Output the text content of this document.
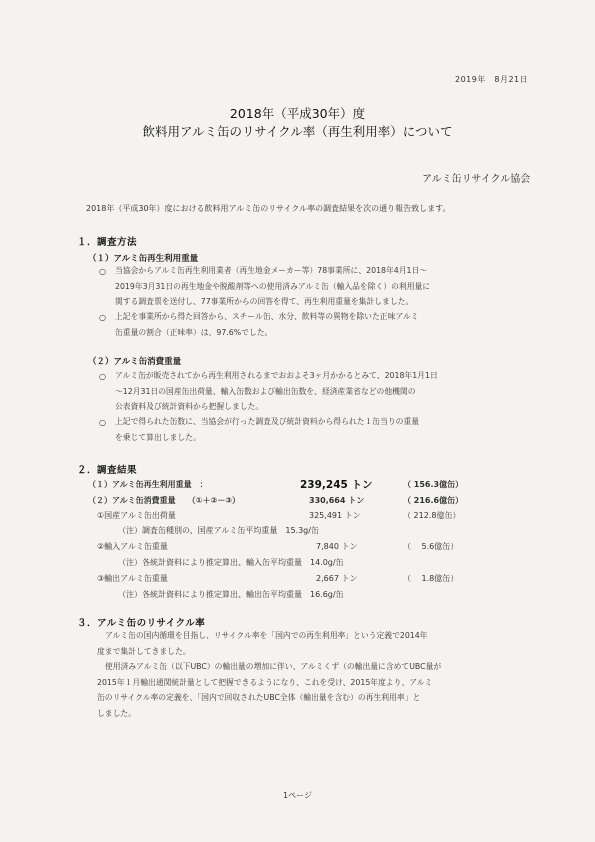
2019年　8月21日
2018年（平成30年）度
飲料用アルミ缶のリサイクル率（再生利用率）について
アルミ缶リサイクル協会
2018年（平成30年）度における飲料用アルミ缶のリサイクル率の調査結果を次の通り報告致します。
１．調査方法
（１）アルミ缶再生利用重量
○ 当協会からアルミ缶再生利用業者（再生地金メーカー等）78事業所に、2018年4月1日～
2019年3月31日の再生地金や脱酸剤等への使用済みアルミ缶（輸入品を除く）の利用量に
関する調査票を送付し、77事業所からの回答を得て、再生利用重量を集計しました。
○ 上記を事業所から得た回答から、スチール缶、水分、飲料等の異物を除いた正味アルミ
缶重量の割合（正味率）は、97.6%でした。
（２）アルミ缶消費重量
○ アルミ缶が販売されてから再生利用されるまでおおよそ3ヶ月かかるとみて、2018年1月1日
～12月31日の国産缶出荷量、輸入缶数および輸出缶数を、経済産業省などの他機関の
公表資料及び統計資料から把握しました。
○ 上記で得られた缶数に、当協会が行った調査及び統計資料から得られた１缶当りの重量
を乗じて算出しました。
２．調査結果
（１）アルミ缶再生利用重量　：	239,245 トン	（ 156.3億缶）
（２）アルミ缶消費重量　　（①＋②－③）	330,664 トン	（ 216.6億缶）
①国産アルミ缶出荷量	325,491 トン	（ 212.8億缶）
（注）調査缶種別の、国産アルミ缶平均重量　15.3g/缶
②輸入アルミ缶重量	7,840 トン	（　 5.6億缶）
（注）各統計資料により推定算出、輸入缶平均重量　14.0g/缶
③輸出アルミ缶重量	2,667 トン	（　 1.8億缶）
（注）各統計資料により推定算出、輸出缶平均重量　16.6g/缶
３．アルミ缶のリサイクル率
アルミ缶の国内循環を目指し、リサイクル率を「国内での再生利用率」という定義で2014年
度まで集計してきました。
使用済みアルミ缶（以下UBC）の輸出量の増加に伴い、アルミくず（の輸出量に含めてUBC量が
2015年１月輸出通関統計量として把握できるようになり、これを受け、2015年度より、アルミ
缶のリサイクル率の定義を、「国内で回収されたUBC全体（輸出量を含む）の再生利用率」と
しました。
1ページ
